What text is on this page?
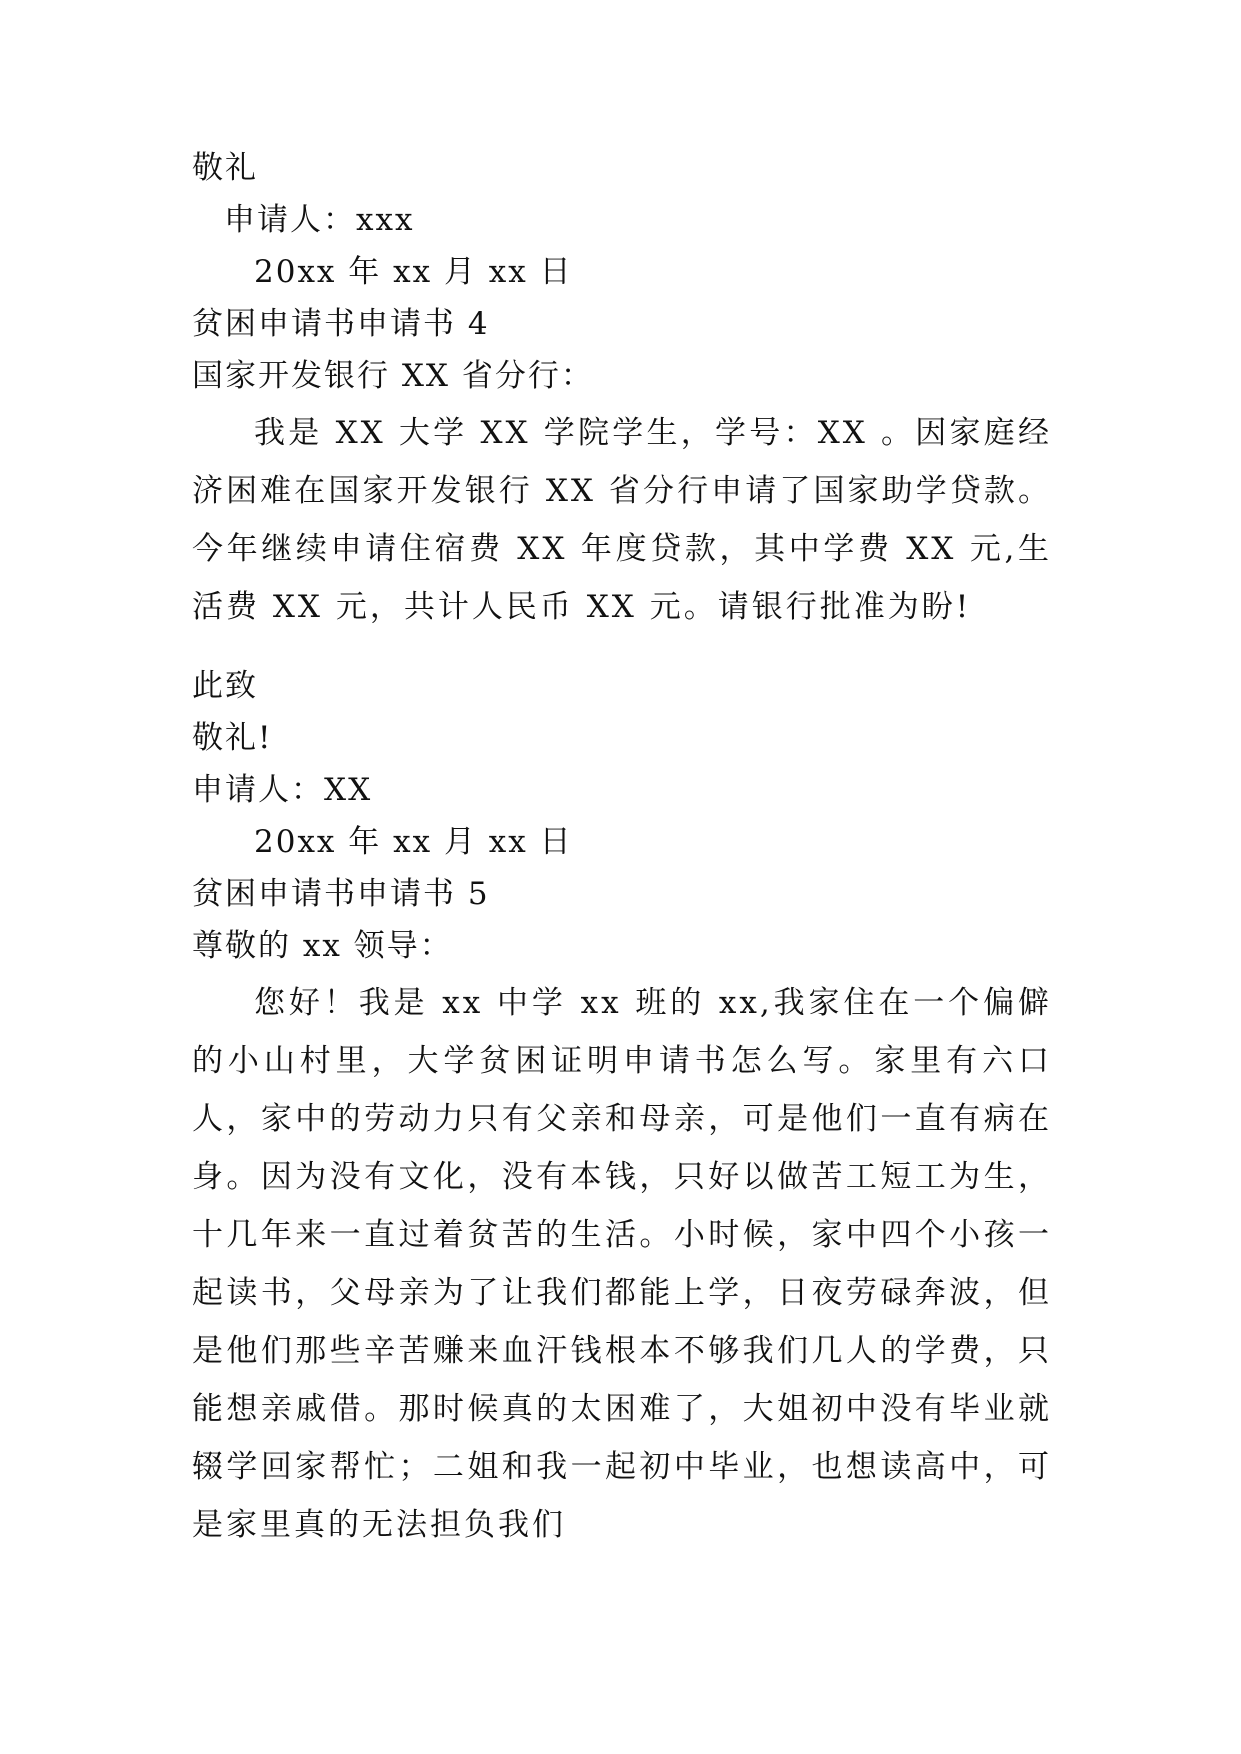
敬礼
申请人：xxx
20xx 年 xx 月 xx 日
贫困申请书申请书 4
国家开发银行 XX 省分行：
我是 XX 大学 XX 学院学生，学号：XX 。因家庭经济困难在国家开发银行 XX 省分行申请了国家助学贷款。今年继续申请住宿费 XX 年度贷款，其中学费 XX 元,生活费 XX 元，共计人民币 XX 元。请银行批准为盼!
此致
敬礼!
申请人：XX
20xx 年 xx 月 xx 日
贫困申请书申请书 5
尊敬的 xx 领导：
您好！我是 xx 中学 xx 班的 xx,我家住在一个偏僻的小山村里，大学贫困证明申请书怎么写。家里有六口人，家中的劳动力只有父亲和母亲，可是他们一直有病在身。因为没有文化，没有本钱，只好以做苦工短工为生，十几年来一直过着贫苦的生活。小时候，家中四个小孩一起读书，父母亲为了让我们都能上学，日夜劳碌奔波，但是他们那些辛苦赚来血汗钱根本不够我们几人的学费，只能想亲戚借。那时候真的太困难了，大姐初中没有毕业就辍学回家帮忙；二姐和我一起初中毕业，也想读高中，可是家里真的无法担负我们
